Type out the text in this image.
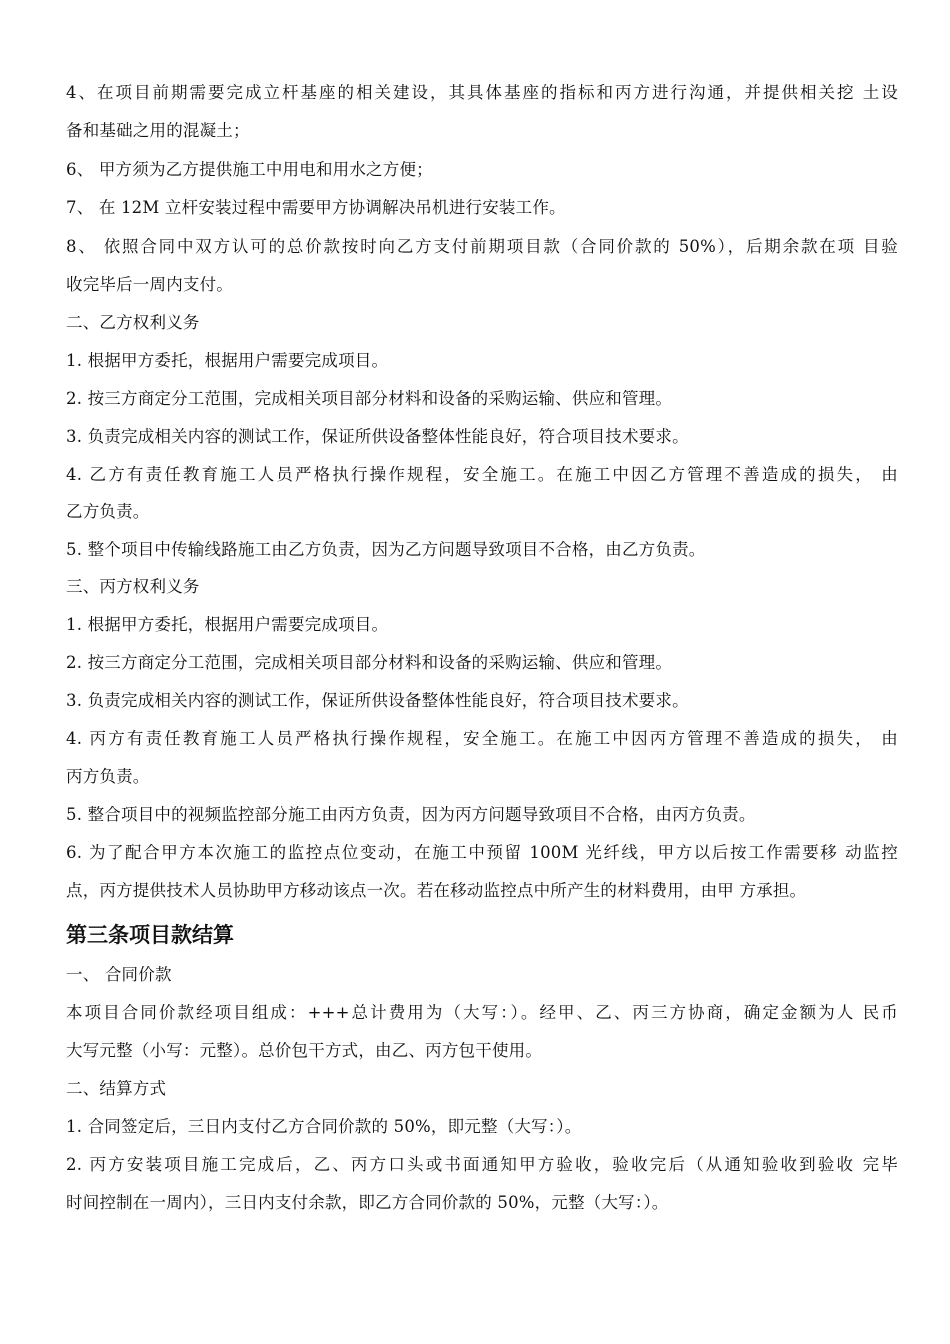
4、在项目前期需要完成立杆基座的相关建设，其具体基座的指标和丙方进行沟通，并提供相关挖 土设
备和基础之用的混凝土；
6、 甲方须为乙方提供施工中用电和用水之方便；
7、 在 12M 立杆安装过程中需要甲方协调解决吊机进行安装工作。
8、 依照合同中双方认可的总价款按时向乙方支付前期项目款（合同价款的 50%），后期余款在项 目验
收完毕后一周内支付。
二、乙方权利义务
1. 根据甲方委托，根据用户需要完成项目。
2. 按三方商定分工范围，完成相关项目部分材料和设备的采购运输、供应和管理。
3. 负责完成相关内容的测试工作，保证所供设备整体性能良好，符合项目技术要求。
4. 乙方有责任教育施工人员严格执行操作规程，安全施工。在施工中因乙方管理不善造成的损失， 由
乙方负责。
5. 整个项目中传输线路施工由乙方负责，因为乙方问题导致项目不合格，由乙方负责。
三、丙方权利义务
1. 根据甲方委托，根据用户需要完成项目。
2. 按三方商定分工范围，完成相关项目部分材料和设备的采购运输、供应和管理。
3. 负责完成相关内容的测试工作，保证所供设备整体性能良好，符合项目技术要求。
4. 丙方有责任教育施工人员严格执行操作规程，安全施工。在施工中因丙方管理不善造成的损失， 由
丙方负责。
5. 整合项目中的视频监控部分施工由丙方负责，因为丙方问题导致项目不合格，由丙方负责。
6. 为了配合甲方本次施工的监控点位变动，在施工中预留 100M 光纤线，甲方以后按工作需要移 动监控
点，丙方提供技术人员协助甲方移动该点一次。若在移动监控点中所产生的材料费用，由甲 方承担。
第三条项目款结算
一、 合同价款
本项目合同价款经项目组成：+++总计费用为（大写：）。经甲、乙、丙三方协商，确定金额为人 民币
大写元整（小写：元整）。总价包干方式，由乙、丙方包干使用。
二、结算方式
1. 合同签定后，三日内支付乙方合同价款的 50%，即元整（大写：）。
2. 丙方安装项目施工完成后，乙、丙方口头或书面通知甲方验收，验收完后（从通知验收到验收 完毕
时间控制在一周内），三日内支付余款，即乙方合同价款的 50%，元整（大写：）。
